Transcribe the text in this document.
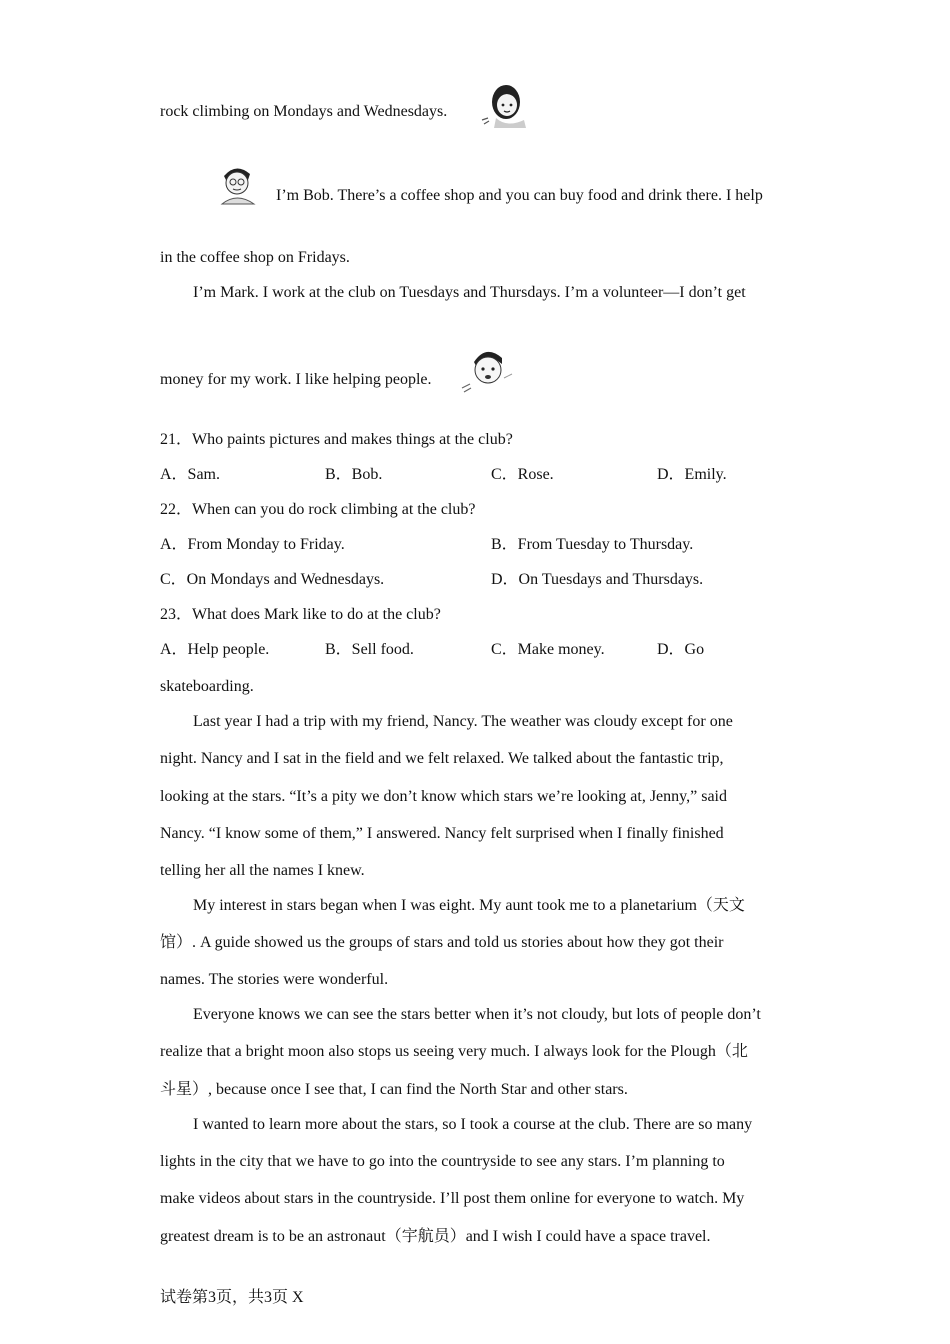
rock climbing on Mondays and Wednesdays.
I’m Bob. There’s a coffee shop and you can buy food and drink there. I help
in the coffee shop on Fridays.
I’m Mark. I work at the club on Tuesdays and Thursdays. I’m a volunteer—I don’t get
money for my work. I like helping people.
21．Who paints pictures and makes things at the club?
A．Sam.	B．Bob.	C．Rose.	D．Emily.
22．When can you do rock climbing at the club?
A．From Monday to Friday.	B．From Tuesday to Thursday.
C．On Mondays and Wednesdays.	D．On Tuesdays and Thursdays.
23．What does Mark like to do at the club?
A．Help people.	B．Sell food.	C．Make money.	D．Go
skateboarding.
Last year I had a trip with my friend, Nancy. The weather was cloudy except for one
night. Nancy and I sat in the field and we felt relaxed. We talked about the fantastic trip,
looking at the stars. “It’s a pity we don’t know which stars we’re looking at, Jenny,” said
Nancy. “I know some of them,” I answered. Nancy felt surprised when I finally finished
telling her all the names I knew.
My interest in stars began when I was eight. My aunt took me to a planetarium（天文
馆）. A guide showed us the groups of stars and told us stories about how they got their
names. The stories were wonderful.
Everyone knows we can see the stars better when it’s not cloudy, but lots of people don’t
realize that a bright moon also stops us seeing very much. I always look for the Plough（北
斗星）, because once I see that, I can find the North Star and other stars.
I wanted to learn more about the stars, so I took a course at the club. There are so many
lights in the city that we have to go into the countryside to see any stars. I’m planning to
make videos about stars in the countryside. I’ll post them online for everyone to watch. My
greatest dream is to be an astronaut（宇航员）and I wish I could have a space travel.
试卷第3页，共3页 X
